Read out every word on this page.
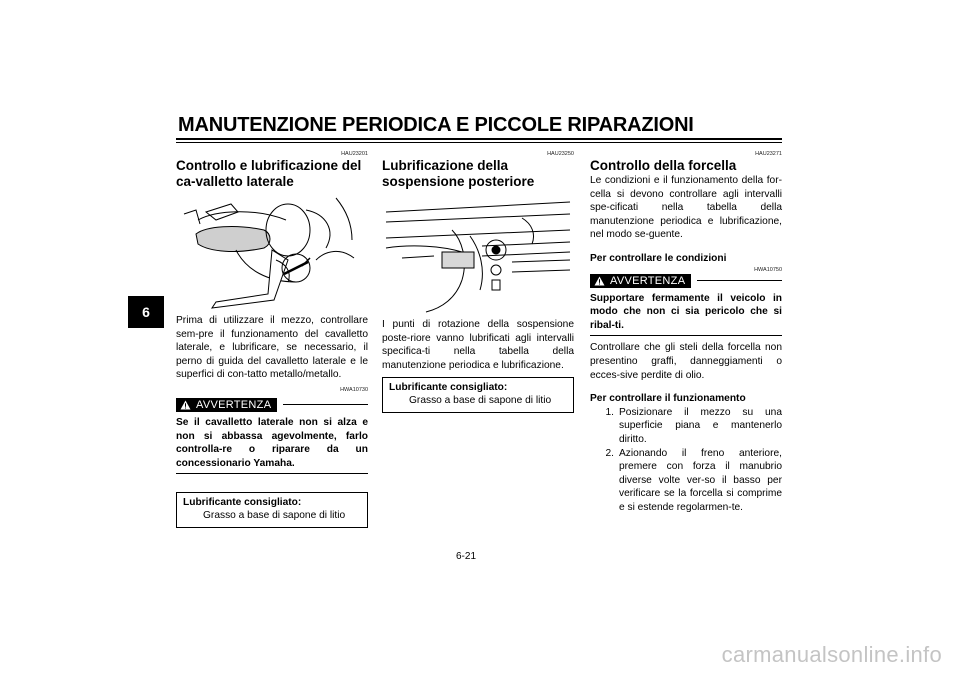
MANUTENZIONE PERIODICA E PICCOLE RIPARAZIONI
6
HAU23201
Controllo e lubrificazione del ca-valletto laterale

Prima di utilizzare il mezzo, controllare sem-pre il funzionamento del cavalletto laterale, e lubrificare, se necessario, il perno di guida del cavalletto laterale e le superfici di con-tatto metallo/metallo.

HWA10730
AVVERTENZA
Se il cavalletto laterale non si alza e non si abbassa agevolmente, farlo controlla-re o riparare da un concessionario Yamaha.
Lubrificante consigliato:
Grasso a base di sapone di litio
HAU23250
Lubrificazione della sospensione posteriore

I punti di rotazione della sospensione poste-riore vanno lubrificati agli intervalli specifica-ti nella tabella della manutenzione periodica e lubrificazione.

Lubrificante consigliato:
Grasso a base di sapone di litio
HAU23271
Controllo della forcella

Le condizioni e il funzionamento della for-cella si devono controllare agli intervalli spe-cificati nella tabella della manutenzione periodica e lubrificazione, nel modo se-guente.

Per controllare le condizioni
HWA10750
AVVERTENZA
Supportare fermamente il veicolo in modo che non ci sia pericolo che si ribal-ti.

Controllare che gli steli della forcella non presentino graffi, danneggiamenti o ecces-sive perdite di olio.

Per controllare il funzionamento
1. Posizionare il mezzo su una superficie piana e mantenerlo diritto.
2. Azionando il freno anteriore, premere con forza il manubrio diverse volte ver-so il basso per verificare se la forcella si comprime e si estende regolarmen-te.
6-21
carmanualsonline.info
